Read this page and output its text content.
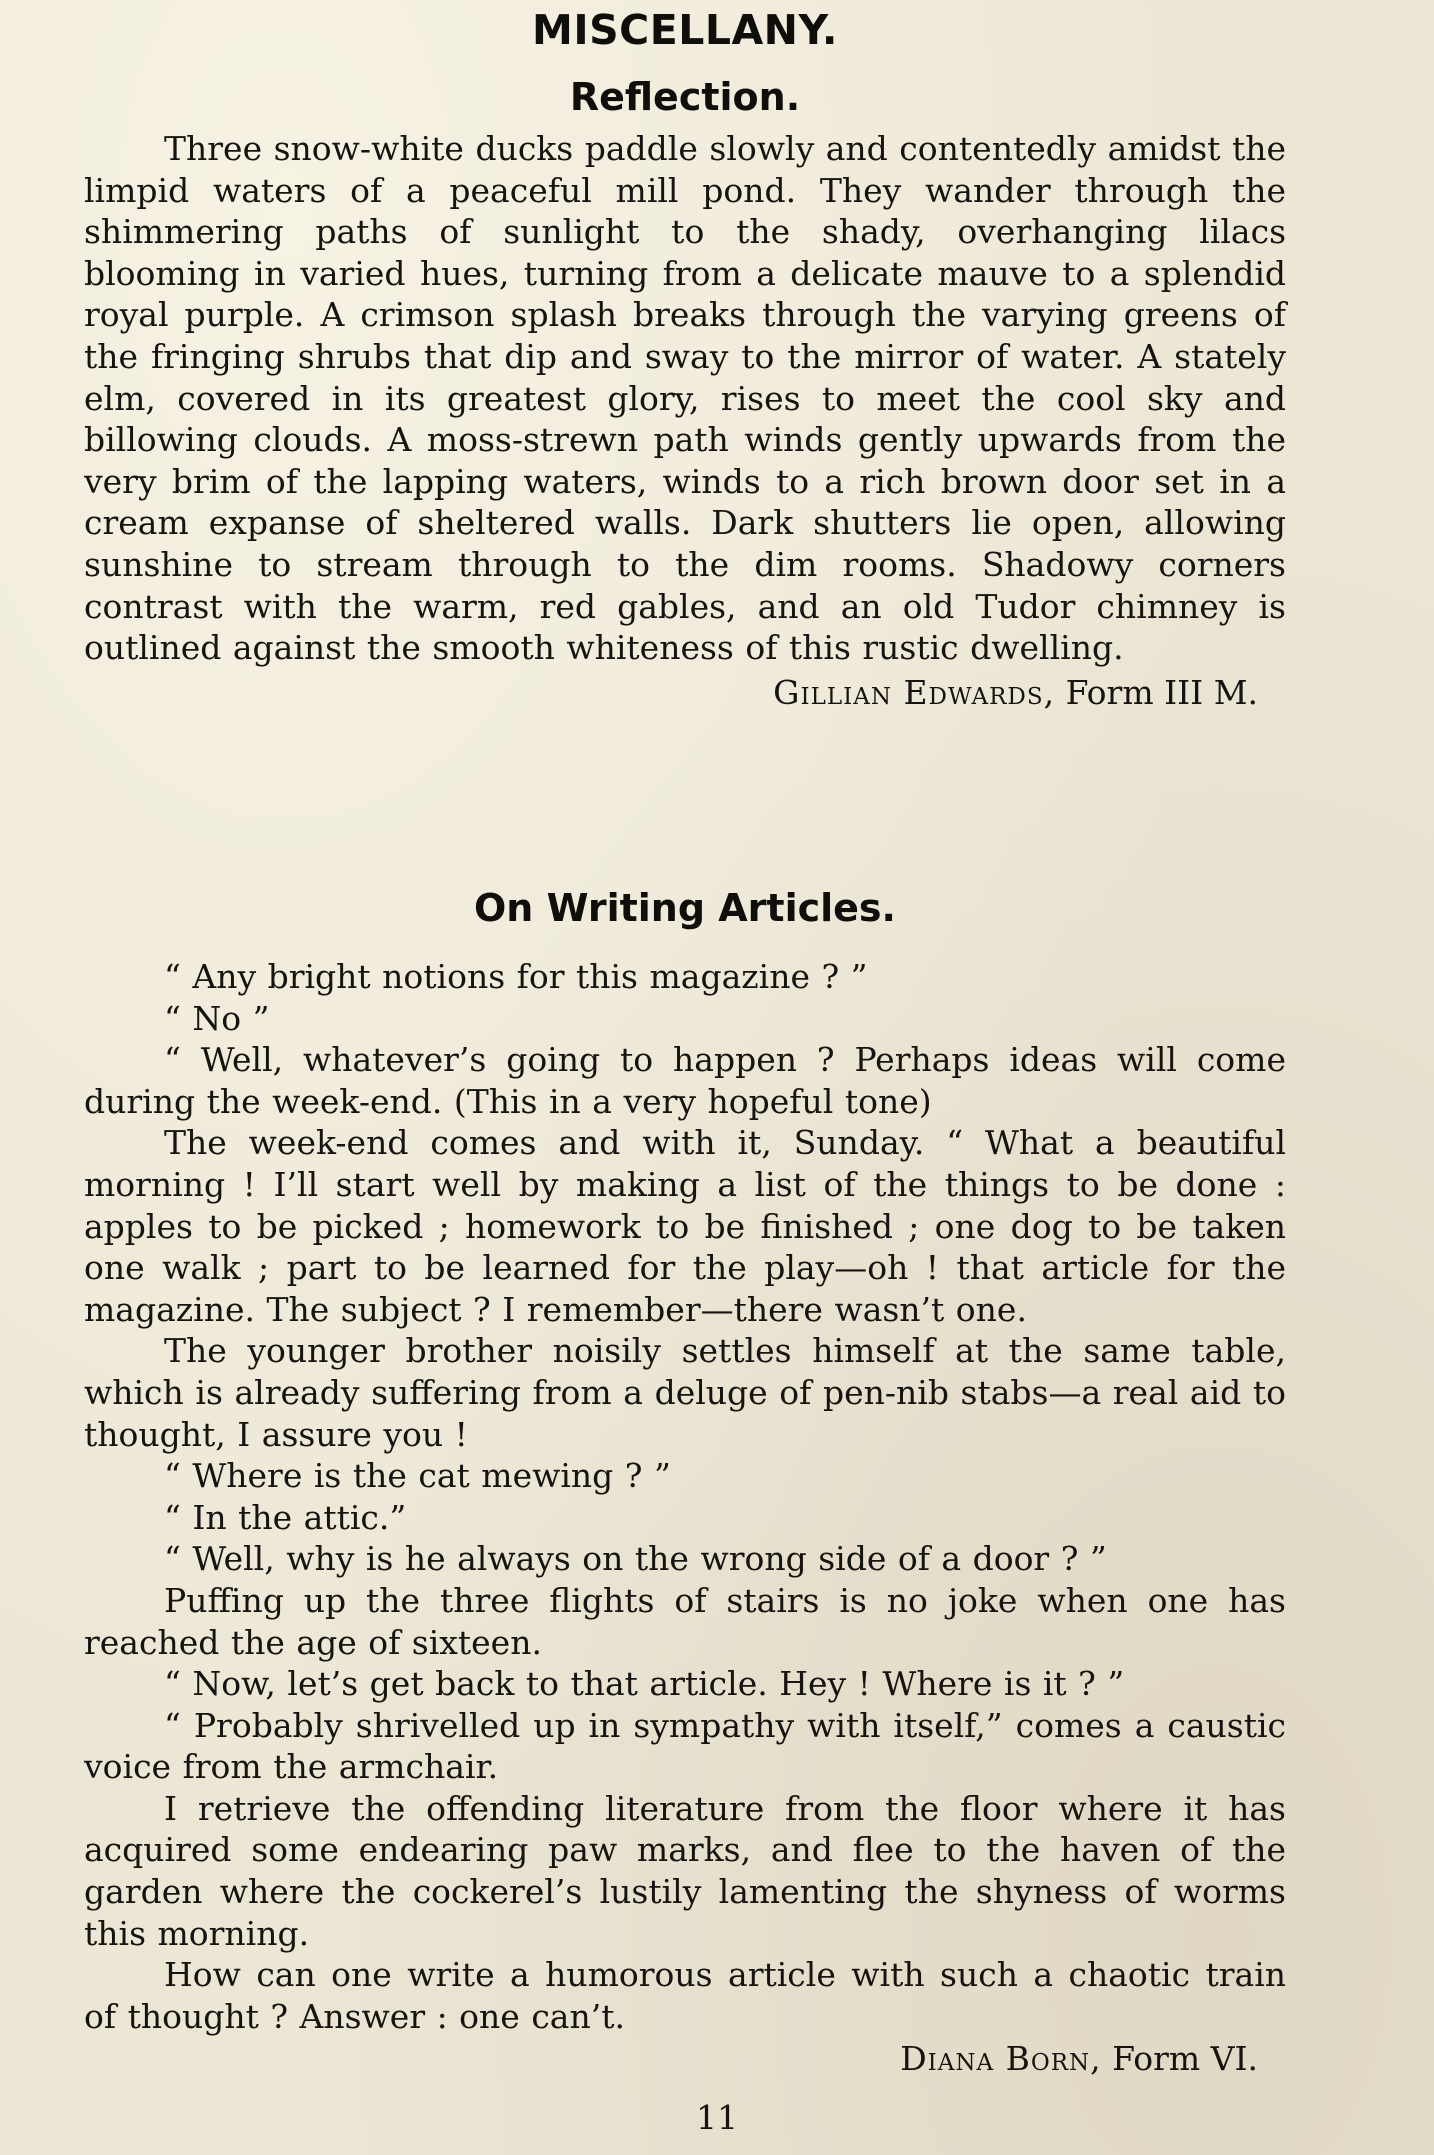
MISCELLANY.
Reflection.

Three snow-white ducks paddle slowly and contentedly amidst the limpid waters of a peaceful mill pond. They wander through the shimmering paths of sunlight to the shady, overhanging lilacs blooming in varied hues, turning from a delicate mauve to a splendid royal purple. A crimson splash breaks through the varying greens of the fringing shrubs that dip and sway to the mirror of water. A stately elm, covered in its greatest glory, rises to meet the cool sky and billowing clouds. A moss-strewn path winds gently upwards from the very brim of the lapping waters, winds to a rich brown door set in a cream expanse of sheltered walls. Dark shutters lie open, allowing sunshine to stream through to the dim rooms. Shadowy corners contrast with the warm, red gables, and an old Tudor chimney is outlined against the smooth whiteness of this rustic dwelling.

Gillian Edwards, Form III M.

On Writing Articles.

“ Any bright notions for this magazine ? ”

“ No ”

“ Well, whatever’s going to happen ? Perhaps ideas will come during the week-end. (This in a very hopeful tone)

The week-end comes and with it, Sunday. “ What a beautiful morning ! I’ll start well by making a list of the things to be done : apples to be picked ; homework to be finished ; one dog to be taken one walk ; part to be learned for the play—oh ! that article for the magazine. The subject ? I remember—there wasn’t one.

The younger brother noisily settles himself at the same table, which is already suffering from a deluge of pen-nib stabs—a real aid to thought, I assure you !

“ Where is the cat mewing ? ”

“ In the attic.”

“ Well, why is he always on the wrong side of a door ? ”

Puffing up the three flights of stairs is no joke when one has reached the age of sixteen.

“ Now, let’s get back to that article. Hey ! Where is it ? ”

“ Probably shrivelled up in sympathy with itself,” comes a caustic voice from the armchair.

I retrieve the offending literature from the floor where it has acquired some endearing paw marks, and flee to the haven of the garden where the cockerel’s lustily lamenting the shyness of worms this morning.

How can one write a humorous article with such a chaotic train of thought ? Answer : one can’t.

Diana Born, Form VI.

11
